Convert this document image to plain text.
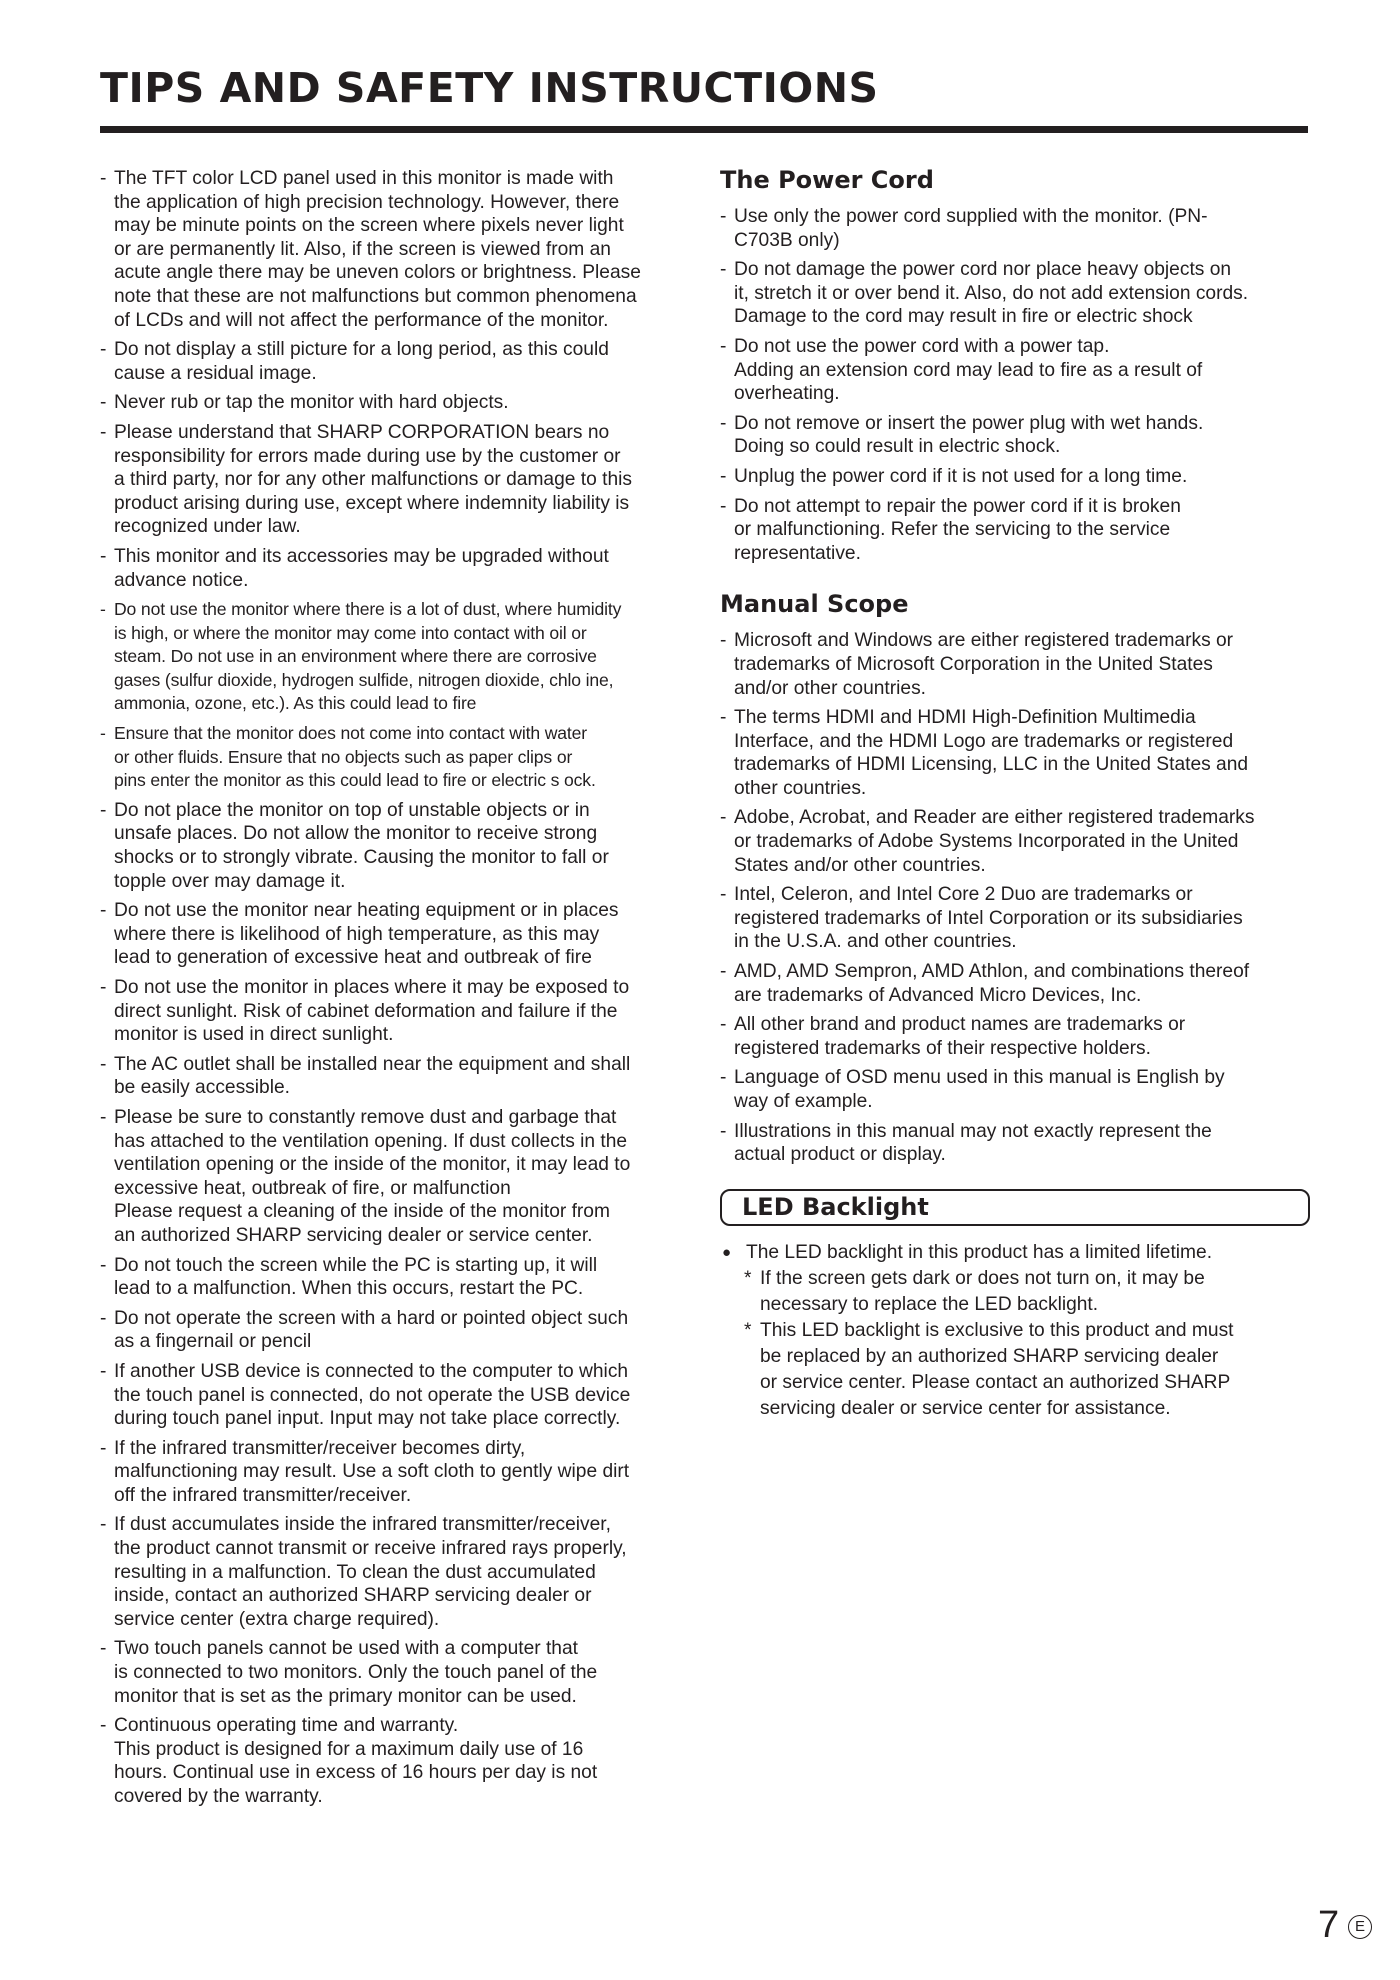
TIPS AND SAFETY INSTRUCTIONS
- The TFT color LCD panel used in this monitor is made with
the application of high precision technology. However, there
may be minute points on the screen where pixels never light
or are permanently lit. Also, if the screen is viewed from an
acute angle there may be uneven colors or brightness. Please
note that these are not malfunctions but common phenomena
of LCDs and will not affect the performance of the monitor.
- Do not display a still picture for a long period, as this could
cause a residual image.
- Never rub or tap the monitor with hard objects.
- Please understand that SHARP CORPORATION bears no
responsibility for errors made during use by the customer or
a third party, nor for any other malfunctions or damage to this
product arising during use, except where indemnity liability is
recognized under law.
- This monitor and its accessories may be upgraded without
advance notice.
- Do not use the monitor where there is a lot of dust, where humidity
is high, or where the monitor may come into contact with oil or
steam. Do not use in an environment where there are corrosive
gases (sulfur dioxide, hydrogen sulfide, nitrogen dioxide, chlo ine,
ammonia, ozone, etc.). As this could lead to fire
- Ensure that the monitor does not come into contact with water
or other fluids. Ensure that no objects such as paper clips or
pins enter the monitor as this could lead to fire or electric s ock.
- Do not place the monitor on top of unstable objects or in
unsafe places. Do not allow the monitor to receive strong
shocks or to strongly vibrate. Causing the monitor to fall or
topple over may damage it.
- Do not use the monitor near heating equipment or in places
where there is likelihood of high temperature, as this may
lead to generation of excessive heat and outbreak of fire
- Do not use the monitor in places where it may be exposed to
direct sunlight. Risk of cabinet deformation and failure if the
monitor is used in direct sunlight.
- The AC outlet shall be installed near the equipment and shall
be easily accessible.
- Please be sure to constantly remove dust and garbage that
has attached to the ventilation opening. If dust collects in the
ventilation opening or the inside of the monitor, it may lead to
excessive heat, outbreak of fire, or malfunction
Please request a cleaning of the inside of the monitor from
an authorized SHARP servicing dealer or service center.
- Do not touch the screen while the PC is starting up, it will
lead to a malfunction. When this occurs, restart the PC.
- Do not operate the screen with a hard or pointed object such
as a fingernail or pencil
- If another USB device is connected to the computer to which
the touch panel is connected, do not operate the USB device
during touch panel input. Input may not take place correctly.
- If the infrared transmitter/receiver becomes dirty,
malfunctioning may result. Use a soft cloth to gently wipe dirt
off the infrared transmitter/receiver.
- If dust accumulates inside the infrared transmitter/receiver,
the product cannot transmit or receive infrared rays properly,
resulting in a malfunction. To clean the dust accumulated
inside, contact an authorized SHARP servicing dealer or
service center (extra charge required).
- Two touch panels cannot be used with a computer that
is connected to two monitors. Only the touch panel of the
monitor that is set as the primary monitor can be used.
- Continuous operating time and warranty.
This product is designed for a maximum daily use of 16
hours. Continual use in excess of 16 hours per day is not
covered by the warranty.
The Power Cord
- Use only the power cord supplied with the monitor. (PN-
C703B only)
- Do not damage the power cord nor place heavy objects on
it, stretch it or over bend it. Also, do not add extension cords.
Damage to the cord may result in fire or electric shock
- Do not use the power cord with a power tap.
Adding an extension cord may lead to fire as a result of
overheating.
- Do not remove or insert the power plug with wet hands.
Doing so could result in electric shock.
- Unplug the power cord if it is not used for a long time.
- Do not attempt to repair the power cord if it is broken
or malfunctioning. Refer the servicing to the service
representative.
Manual Scope
- Microsoft and Windows are either registered trademarks or
trademarks of Microsoft Corporation in the United States
and/or other countries.
- The terms HDMI and HDMI High-Definition Multimedia
Interface, and the HDMI Logo are trademarks or registered
trademarks of HDMI Licensing, LLC in the United States and
other countries.
- Adobe, Acrobat, and Reader are either registered trademarks
or trademarks of Adobe Systems Incorporated in the United
States and/or other countries.
- Intel, Celeron, and Intel Core 2 Duo are trademarks or
registered trademarks of Intel Corporation or its subsidiaries
in the U.S.A. and other countries.
- AMD, AMD Sempron, AMD Athlon, and combinations thereof
are trademarks of Advanced Micro Devices, Inc.
- All other brand and product names are trademarks or
registered trademarks of their respective holders.
- Language of OSD menu used in this manual is English by
way of example.
- Illustrations in this manual may not exactly represent the
actual product or display.
LED Backlight
● The LED backlight in this product has a limited lifetime.
* If the screen gets dark or does not turn on, it may be
necessary to replace the LED backlight.
* This LED backlight is exclusive to this product and must
be replaced by an authorized SHARP servicing dealer
or service center. Please contact an authorized SHARP
servicing dealer or service center for assistance.
7	E
